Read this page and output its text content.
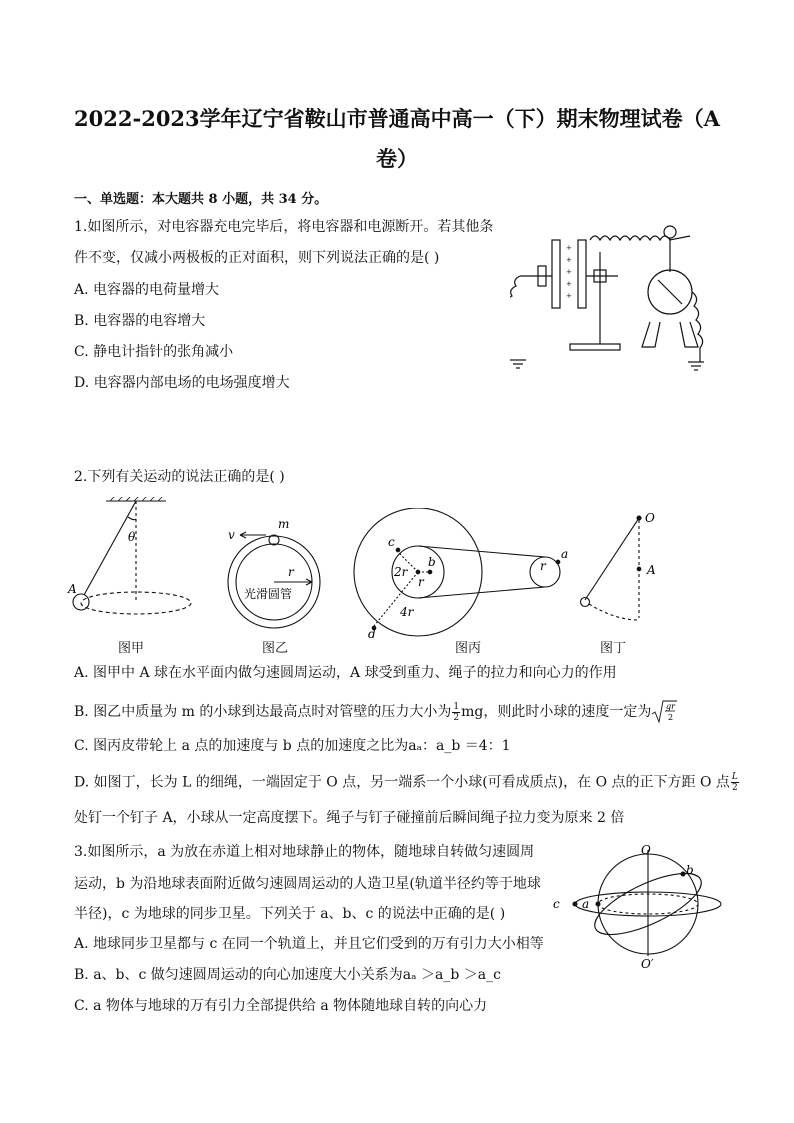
2022-2023学年辽宁省鞍山市普通高中高一（下）期末物理试卷（A
卷）
一、单选题：本大题共 8 小题，共 34 分。
1.如图所示，对电容器充电完毕后，将电容器和电源断开。若其他条
件不变，仅减小两极板的正对面积，则下列说法正确的是( )
A. 电容器的电荷量增大
B. 电容器的电容增大
C. 静电计指针的张角减小
D. 电容器内部电场的电场强度增大
+
+
+
+
+
2.下列有关运动的说法正确的是( )
θ
A
图甲
v
m
r
光滑圆管
图乙
c
b
2r
r
r
a
4r
d
图丙
O
A
图丁
A. 图甲中 A 球在水平面内做匀速圆周运动，A 球受到重力、绳子的拉力和向心力的作用
B. 图乙中质量为 m 的小球到达最高点时对管壁的压力大小为 $\frac{1}{2}$ mg，则此时小球的速度一定为 gr
2
C. 图丙皮带轮上 a 点的加速度与 b 点的加速度之比为aₐ：a_b ＝4：1
D. 如图丁，长为 L 的细绳，一端固定于 O 点，另一端系一个小球(可看成质点)，在 O 点的正下方距 O 点 $\frac{L}{2}$
处钉一个钉子 A，小球从一定高度摆下。绳子与钉子碰撞前后瞬间绳子拉力变为原来 2 倍
3.如图所示，a 为放在赤道上相对地球静止的物体，随地球自转做匀速圆周
运动，b 为沿地球表面附近做匀速圆周运动的人造卫星(轨道半径约等于地球
半径)，c 为地球的同步卫星。下列关于 a、b、c 的说法中正确的是( )
A. 地球同步卫星都与 c 在同一个轨道上，并且它们受到的万有引力大小相等
B. a、b、c 做匀速圆周运动的向心加速度大小关系为aₐ ＞a_b ＞a_c
C. a 物体与地球的万有引力全部提供给 a 物体随地球自转的向心力
O
O′
a
b
c
